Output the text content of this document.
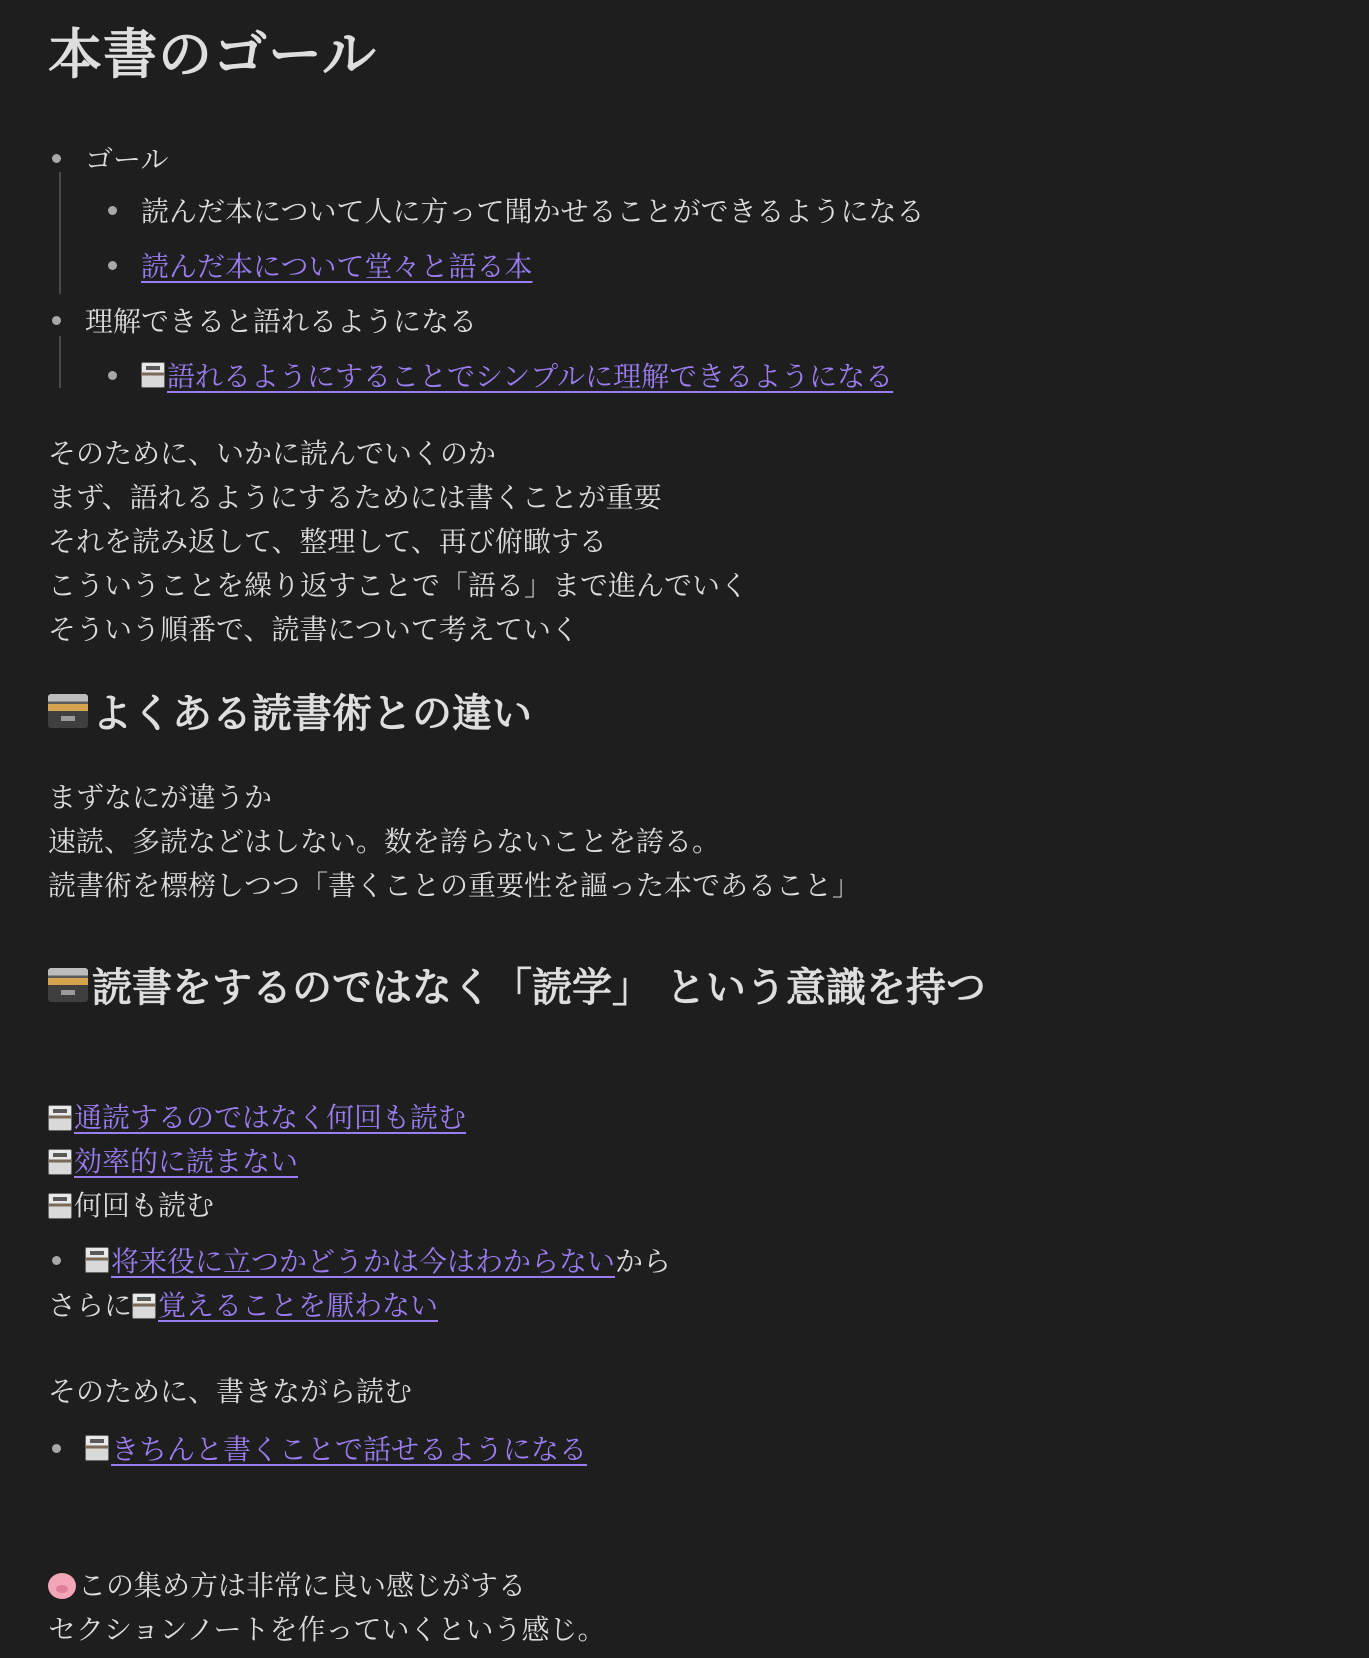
本書のゴール
ゴール
読んだ本について人に方って聞かせることができるようになる
読んだ本について堂々と語る本
理解できると語れるようになる
語れるようにすることでシンプルに理解できるようになる
そのために、いかに読んでいくのか
まず、語れるようにするためには書くことが重要
それを読み返して、整理して、再び俯瞰する
こういうことを繰り返すことで「語る」まで進んでいく
そういう順番で、読書について考えていく
よくある読書術との違い
まずなにが違うか
速読、多読などはしない。数を誇らないことを誇る。
読書術を標榜しつつ「書くことの重要性を謳った本であること」
読書をするのではなく「読学」 という意識を持つ
通読するのではなく何回も読む
効率的に読まない
何回も読む
将来役に立つかどうかは今はわからない から
さらに 覚えることを厭わない
そのために、書きながら読む
きちんと書くことで話せるようになる
この集め方は非常に良い感じがする
セクションノートを作っていくという感じ。
